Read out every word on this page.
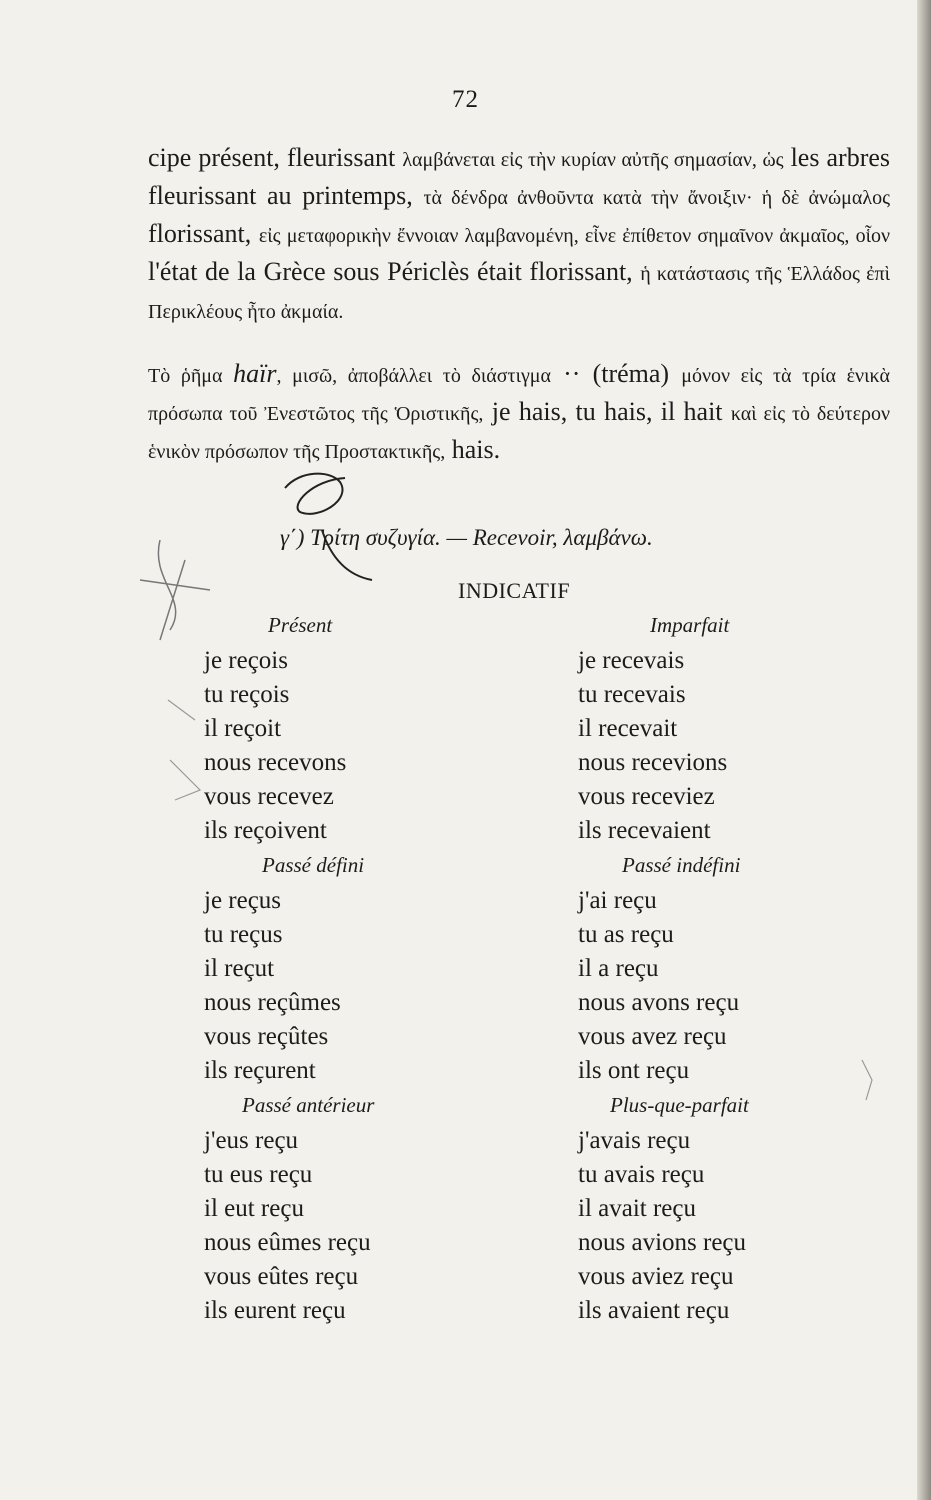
72

cipe présent, fleurissant λαμβάνεται εἰς τὴν κυρίαν αὐτῆς σημασίαν, ὡς les arbres fleurissant au printemps, τὰ δένδρα ἀνθοῦντα κατὰ τὴν ἄνοιξιν· ἡ δὲ ἀνώμαλος florissant, εἰς μεταφορικὴν ἔννοιαν λαμβανομένη, εἶνε ἐπίθετον σημαῖνον ἀκμαῖος, οἷον l'état de la Grèce sous Périclès était florissant, ἡ κατάστασις τῆς Ἑλλάδος ἐπὶ Περικλέους ἦτο ἀκμαία.

Τὸ ῥῆμα haïr, μισῶ, ἀποβάλλει τὸ διάστιγμα ·· (tréma) μόνον εἰς τὰ τρία ἑνικὰ πρόσωπα τοῦ Ἐνεστῶτος τῆς Ὁριστικῆς, je hais, tu hais, il hait καὶ εἰς τὸ δεύτερον ἑνικὸν πρόσωπον τῆς Προστακτικῆς, hais.

γ΄) Τρίτη συζυγία. — Recevoir, λαμβάνω.
INDICATIF
Présent
je reçois
tu reçois
il reçoit
nous recevons
vous recevez
ils reçoivent
Passé défini
je reçus
tu reçus
il reçut
nous reçûmes
vous reçûtes
ils reçurent
Passé antérieur
j'eus reçu
tu eus reçu
il eut reçu
nous eûmes reçu
vous eûtes reçu
ils eurent reçu
Imparfait
je recevais
tu recevais
il recevait
nous recevions
vous receviez
ils recevaient
Passé indéfini
j'ai reçu
tu as reçu
il a reçu
nous avons reçu
vous avez reçu
ils ont reçu
Plus-que-parfait
j'avais reçu
tu avais reçu
il avait reçu
nous avions reçu
vous aviez reçu
ils avaient reçu
